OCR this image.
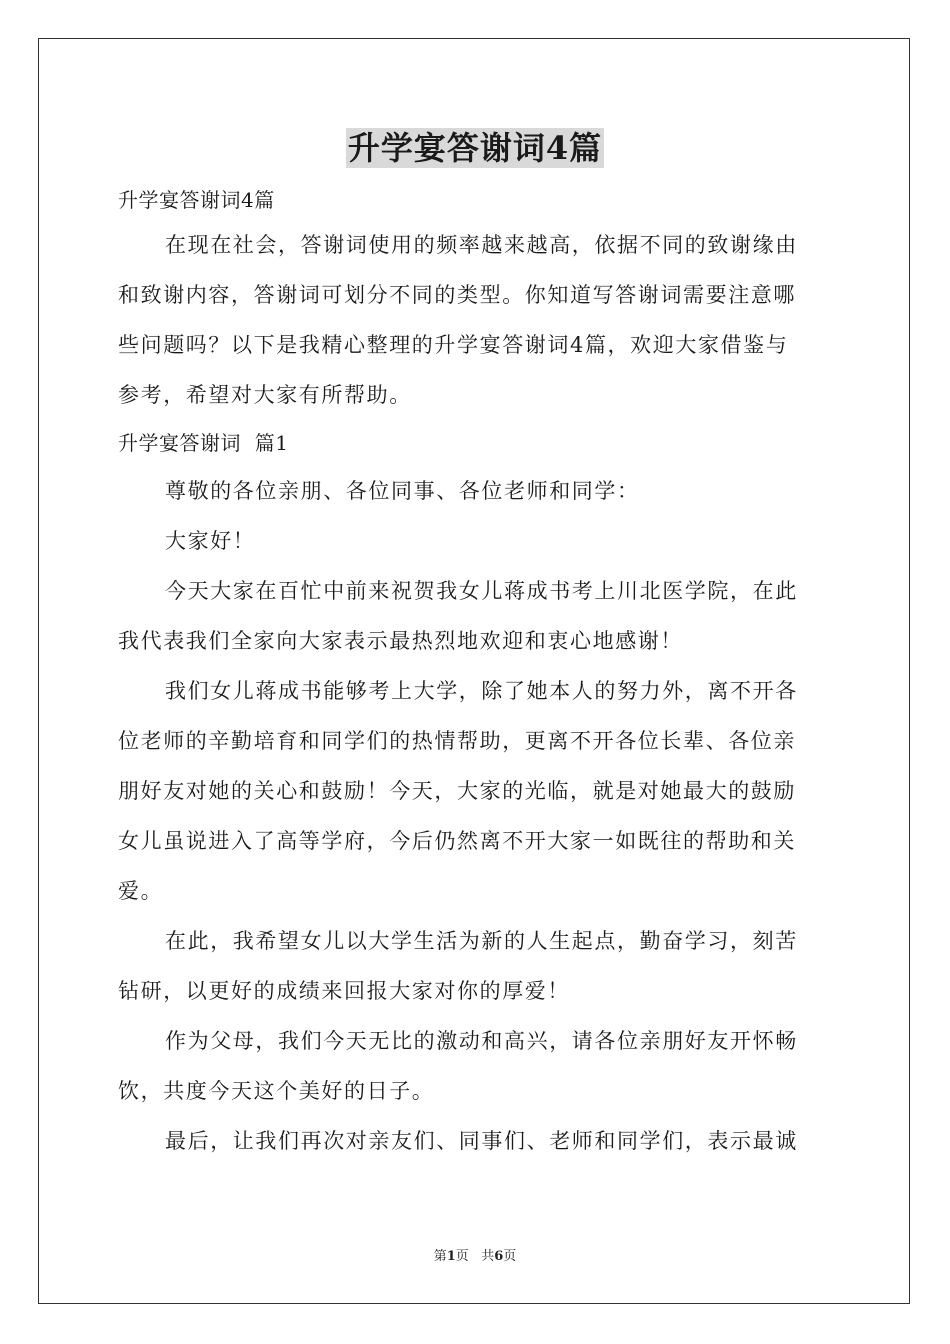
升学宴答谢词4篇
升学宴答谢词4篇
在现在社会，答谢词使用的频率越来越高，依据不同的致谢缘由
和致谢内容，答谢词可划分不同的类型。你知道写答谢词需要注意哪
些问题吗？以下是我精心整理的升学宴答谢词4篇，欢迎大家借鉴与
参考，希望对大家有所帮助。
升学宴答谢词  篇1
尊敬的各位亲朋、各位同事、各位老师和同学：
大家好！
今天大家在百忙中前来祝贺我女儿蒋成书考上川北医学院，在此
我代表我们全家向大家表示最热烈地欢迎和衷心地感谢！
我们女儿蒋成书能够考上大学，除了她本人的努力外，离不开各
位老师的辛勤培育和同学们的热情帮助，更离不开各位长辈、各位亲
朋好友对她的关心和鼓励！今天，大家的光临，就是对她最大的鼓励
女儿虽说进入了高等学府，今后仍然离不开大家一如既往的帮助和关
爱。
在此，我希望女儿以大学生活为新的人生起点，勤奋学习，刻苦
钻研，以更好的成绩来回报大家对你的厚爱！
作为父母，我们今天无比的激动和高兴，请各位亲朋好友开怀畅
饮，共度今天这个美好的日子。
最后，让我们再次对亲友们、同事们、老师和同学们，表示最诚
第1页   共6页
